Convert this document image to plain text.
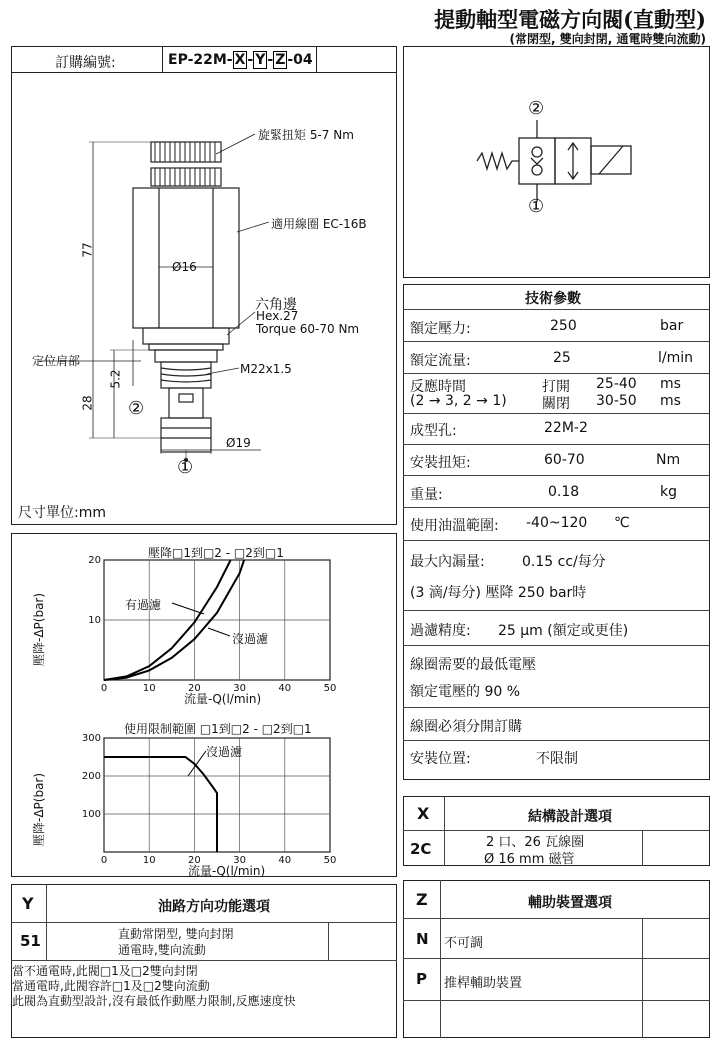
提動軸型電磁方向閥(直動型)
(常閉型, 雙向封閉, 通電時雙向流動)
訂購編號:	EP-22M- X - Y - Z -04
旋緊扭矩 5-7 Nm
適用線圈 EC-16B
77
Ø16
六角邊
Hex.27
Torque 60-70 Nm
定位肩部
5.2
M22x1.5
28 ②
Ø19
①
尺寸單位:mm
②
①
技術參數
額定壓力:	250	bar
額定流量:	25	l/min
反應時間
(2 → 3, 2 → 1)
打開 25-40 ms
關閉 30-50 ms
成型孔:	22M-2
安裝扭矩:	60-70	Nm
重量:	0.18	kg
使用油溫範圍: -40~120 ℃
最大內漏量:	0.15 cc/每分
(3 滴/每分) 壓降 250 bar時
過濾精度: 25 μm (額定或更佳)
線圈需要的最低電壓
額定電壓的 90 %
線圈必須分開訂購
安裝位置:	不限制
壓降□1到□2 - □2到□1
壓降-ΔP(bar)
流量-Q(l/min)
0	10	20	30	40	50
10
20
有過濾
沒過濾
使用限制範圍 □1到□2 - □2到□1
壓降-ΔP(bar)
流量-Q(l/min)
0	10	20	30	40	50
100
200
300
沒過濾
X	結構設計選項
2C	2 口、26 瓦線圈
Ø 16 mm 磁管
Y	油路方向功能選項
51	直動常閉型, 雙向封閉
通電時,雙向流動
當不通電時,此閥□1及□2雙向封閉
當通電時,此閥容許□1及□2雙向流動
此閥為直動型設計,沒有最低作動壓力限制,反應速度快
Z	輔助裝置選項
N 不可調
P 推桿輔助裝置
